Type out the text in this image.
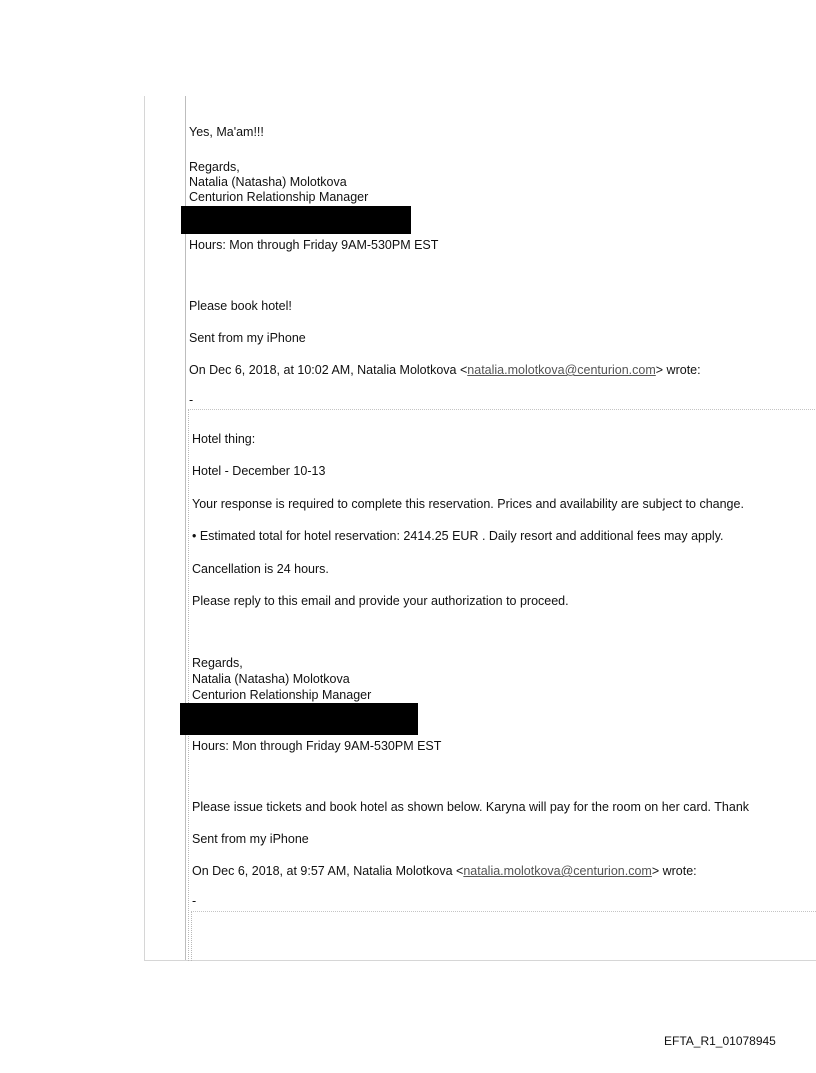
Yes, Ma'am!!!
Regards,
Natalia (Natasha) Molotkova
Centurion Relationship Manager
Hours: Mon through Friday 9AM-530PM EST
Please book hotel!
Sent from my iPhone
On Dec 6, 2018, at 10:02 AM, Natalia Molotkova <natalia.molotkova@centurion.com> wrote:
-
Hotel thing:
Hotel - December 10-13
Your response is required to complete this reservation. Prices and availability are subject to change.
• Estimated total for hotel reservation: 2414.25 EUR . Daily resort and additional fees may apply.
Cancellation is 24 hours.
Please reply to this email and provide your authorization to proceed.
Regards,
Natalia (Natasha) Molotkova
Centurion Relationship Manager
Hours: Mon through Friday 9AM-530PM EST
Please issue tickets and book hotel as shown below. Karyna will pay for the room on her card. Thank
Sent from my iPhone
On Dec 6, 2018, at 9:57 AM, Natalia Molotkova <natalia.molotkova@centurion.com> wrote:
-
EFTA_R1_01078945
